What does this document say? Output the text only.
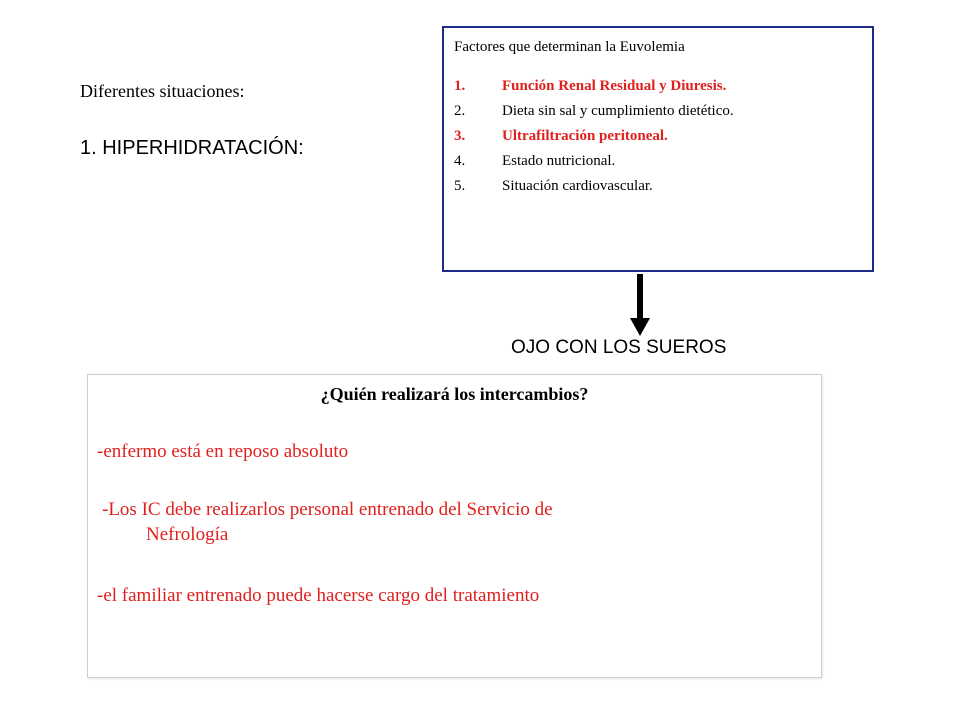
Diferentes situaciones:
1. HIPERHIDRATACIÓN:
Factores que determinan la Euvolemia
1.	Función Renal Residual y Diuresis.
2.	Dieta sin sal y cumplimiento dietético.
3.	Ultrafiltración peritoneal.
4.	Estado nutricional.
5.	Situación cardiovascular.
OJO CON LOS SUEROS
¿Quién realizará los intercambios?
-enfermo está en reposo absoluto
-Los IC debe realizarlos personal entrenado del Servicio de
Nefrología
-el familiar entrenado puede hacerse cargo del tratamiento
